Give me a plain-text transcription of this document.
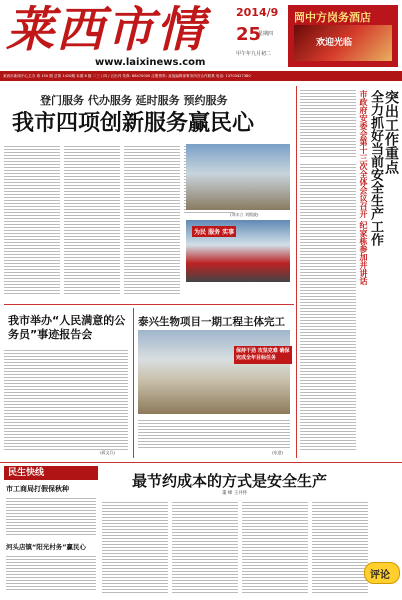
莱西市情
www.laixinews.com
2014/9
25
星期四
甲午年九月初二
岡中方岗务酒店
欢迎光临
莱西市新闻中心主办 第 150 期 总第 1420期 本期 8 版 二三 / 四 / 五出刊 传真: 88470000 注册资料: 直接编辑部事务所在合作联系 电话: 13703427380
登门服务 代办服务 延时服务 预约服务
我市四项创新服务赢民心
(刘丰立 刘锁波)
为民 服务 实事
突出工作重点
全力抓好当前安全生产工作
市政府安委会第十三次全体会议召开 纪家栋参加并讲话
我市举办“人民满意的公务员”事迹报告会
(蒋文兵)
泰兴生物项目一期工程主体完工
保持干劲 攻坚克难 确保完成全年目标任务
(东进)
民生快线
市工商局打假保秋种
河头店镇“阳光村务”赢民心
最节约成本的方式是安全生产
董 峰 王井怀
评论
